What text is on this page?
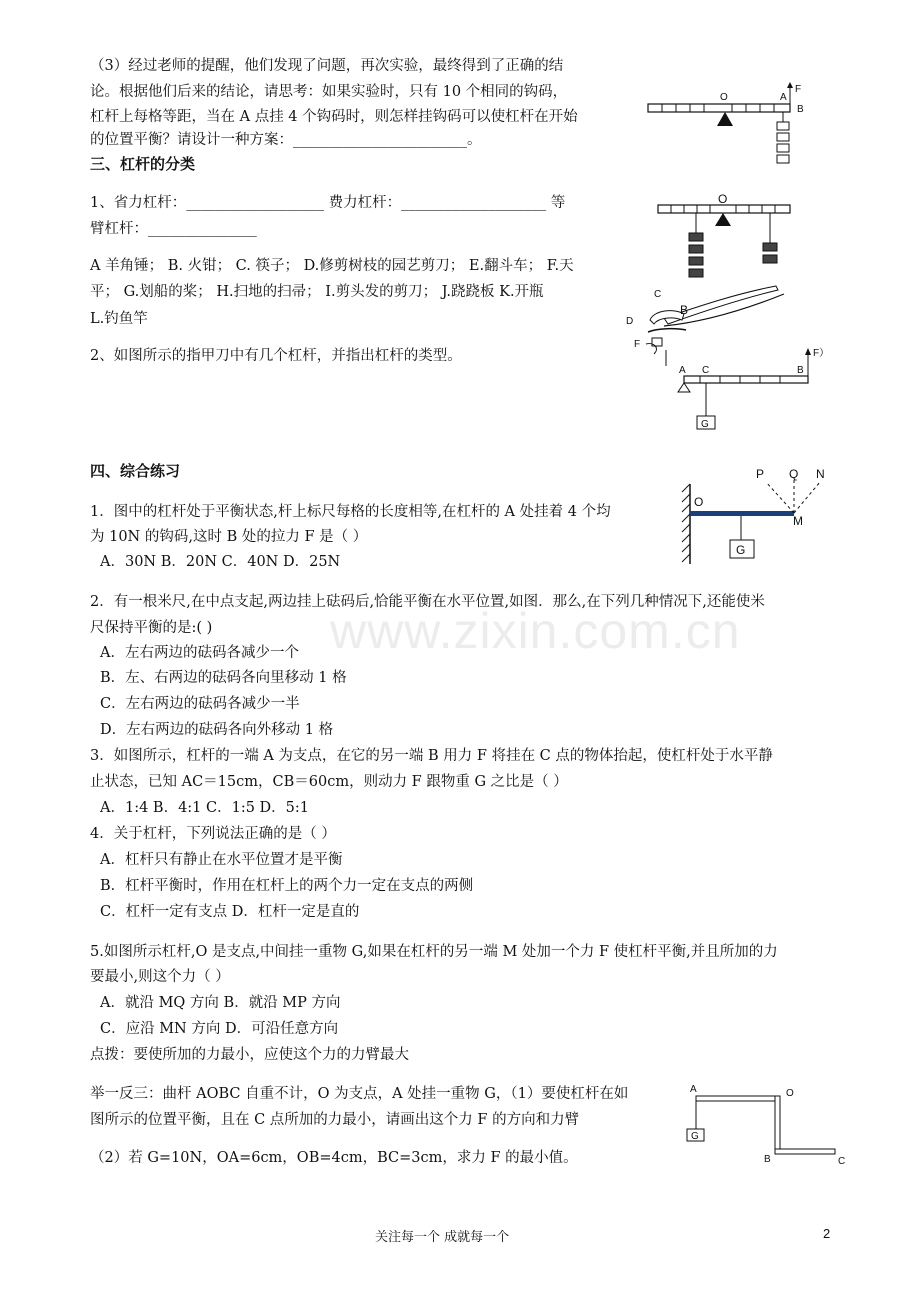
（3）经过老师的提醒，他们发现了问题，再次实验，最终得到了正确的结
论。根据他们后来的结论，请思考：如果实验时，只有 10 个相同的钩码，
杠杆上每格等距，当在 A 点挂 4 个钩码时，则怎样挂钩码可以使杠杆在开始
的位置平衡？请设计一种方案：________________________。
三、杠杆的分类
1、省力杠杆：___________________ 费力杠杆：____________________ 等
臂杠杆：_______________
A 羊角锤； B. 火钳； C. 筷子； D.修剪树枝的园艺剪刀； E.翻斗车； F.天
平； G.划船的桨； H.扫地的扫帚； I.剪头发的剪刀； J.跷跷板 K.开瓶
L.钓鱼竿
2、如图所示的指甲刀中有几个杠杆，并指出杠杆的类型。
四、综合练习
1．图中的杠杆处于平衡状态,杆上标尺每格的长度相等,在杠杆的 A 处挂着 4 个均
为 10N 的钩码,这时 B 处的拉力 F 是（ ）
A．30N B．20N C．40N D．25N
2．有一根米尺,在中点支起,两边挂上砝码后,恰能平衡在水平位置,如图．那么,在下列几种情况下,还能使米
尺保持平衡的是:( )
A．左右两边的砝码各减少一个
B．左、右两边的砝码各向里移动 1 格
C．左右两边的砝码各减少一半
D．左右两边的砝码各向外移动 1 格
3．如图所示，杠杆的一端 A 为支点，在它的另一端 B 用力 F 将挂在 C 点的物体抬起，使杠杆处于水平静
止状态，已知 AC＝15cm，CB＝60cm，则动力 F 跟物重 G 之比是（ ）
A．1:4 B．4:1 C．1:5 D．5:1
4．关于杠杆，下列说法正确的是（ ）
A．杠杆只有静止在水平位置才是平衡
B．杠杆平衡时，作用在杠杆上的两个力一定在支点的两侧
C．杠杆一定有支点 D．杠杆一定是直的
5.如图所示杠杆,O 是支点,中间挂一重物 G,如果在杠杆的另一端 M 处加一个力 F 使杠杆平衡,并且所加的力
要最小,则这个力（ ）
A．就沿 MQ 方向 B．就沿 MP 方向
C．应沿 MN 方向 D．可沿任意方向
点拨：要使所加的力最小，应使这个力的力臂最大
举一反三：曲杆 AOBC 自重不计，O 为支点，A 处挂一重物 G，（1）要使杠杆在如
图所示的位置平衡，且在 C 点所加的力最小，请画出这个力 F 的方向和力臂
（2）若 G=10N，OA=6cm，OB=4cm，BC=3cm，求力 F 的最小值。
O	A
F
B
O
C
B
D
F
A C	B
F）
G
P Q N
O
M
G
A	O
G
B	C
www.zixin.com.cn
关注每一个 成就每一个	2
